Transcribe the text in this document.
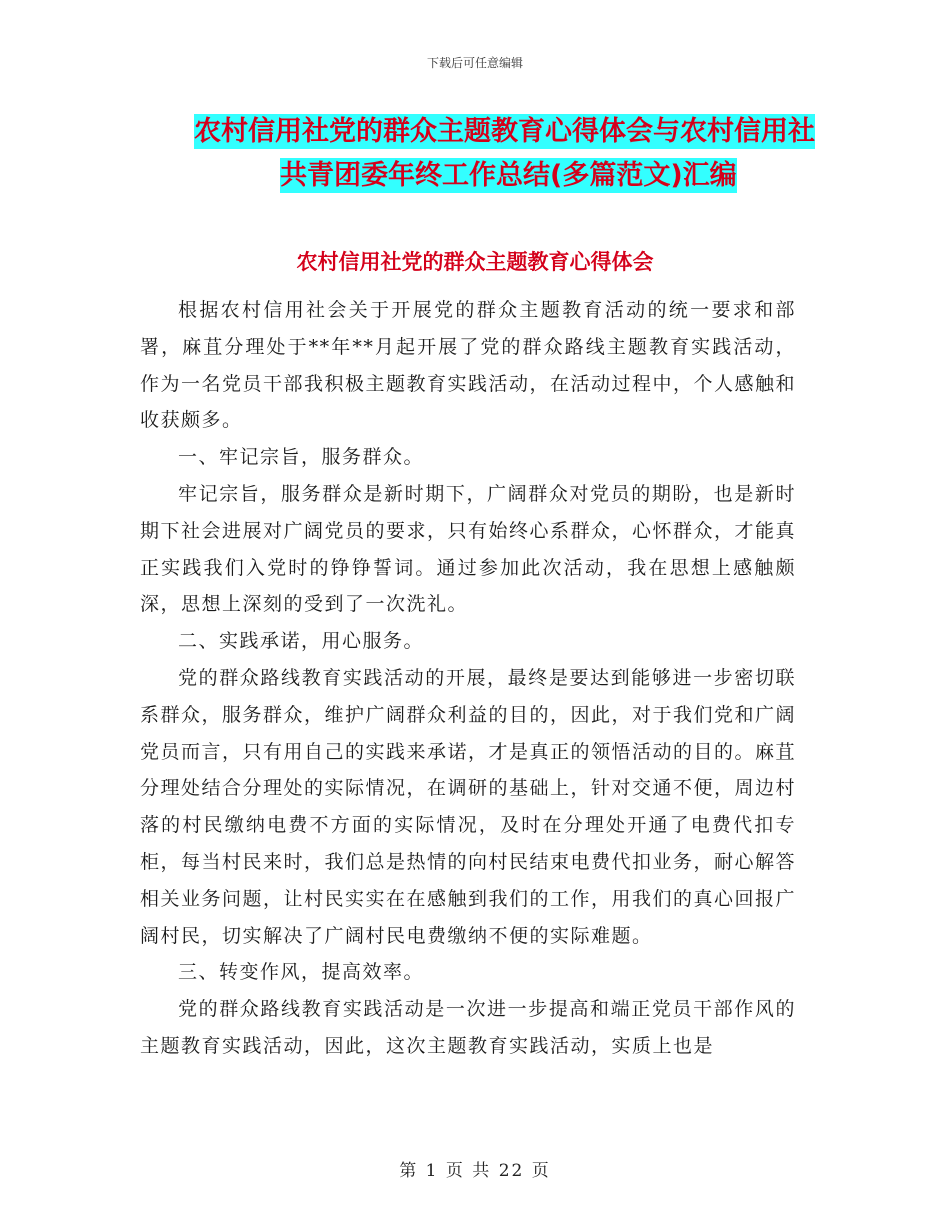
下载后可任意编辑
农村信用社党的群众主题教育心得体会与农村信用社
共青团委年终工作总结(多篇范文)汇编
农村信用社党的群众主题教育心得体会

根据农村信用社会关于开展党的群众主题教育活动的统一要求和部署，麻苴分理处于**年**月起开展了党的群众路线主题教育实践活动，作为一名党员干部我积极主题教育实践活动，在活动过程中，个人感触和收获颇多。

一、牢记宗旨，服务群众。

牢记宗旨，服务群众是新时期下，广阔群众对党员的期盼，也是新时期下社会进展对广阔党员的要求，只有始终心系群众，心怀群众，才能真正实践我们入党时的铮铮誓词。通过参加此次活动，我在思想上感触颇深，思想上深刻的受到了一次洗礼。

二、实践承诺，用心服务。

党的群众路线教育实践活动的开展，最终是要达到能够进一步密切联系群众，服务群众，维护广阔群众利益的目的，因此，对于我们党和广阔党员而言，只有用自己的实践来承诺，才是真正的领悟活动的目的。麻苴分理处结合分理处的实际情况，在调研的基础上，针对交通不便，周边村落的村民缴纳电费不方面的实际情况，及时在分理处开通了电费代扣专柜，每当村民来时，我们总是热情的向村民结束电费代扣业务，耐心解答相关业务问题，让村民实实在在感触到我们的工作，用我们的真心回报广阔村民，切实解决了广阔村民电费缴纳不便的实际难题。

三、转变作风，提高效率。

党的群众路线教育实践活动是一次进一步提高和端正党员干部作风的主题教育实践活动，因此，这次主题教育实践活动，实质上也是

第 1 页 共 22 页
